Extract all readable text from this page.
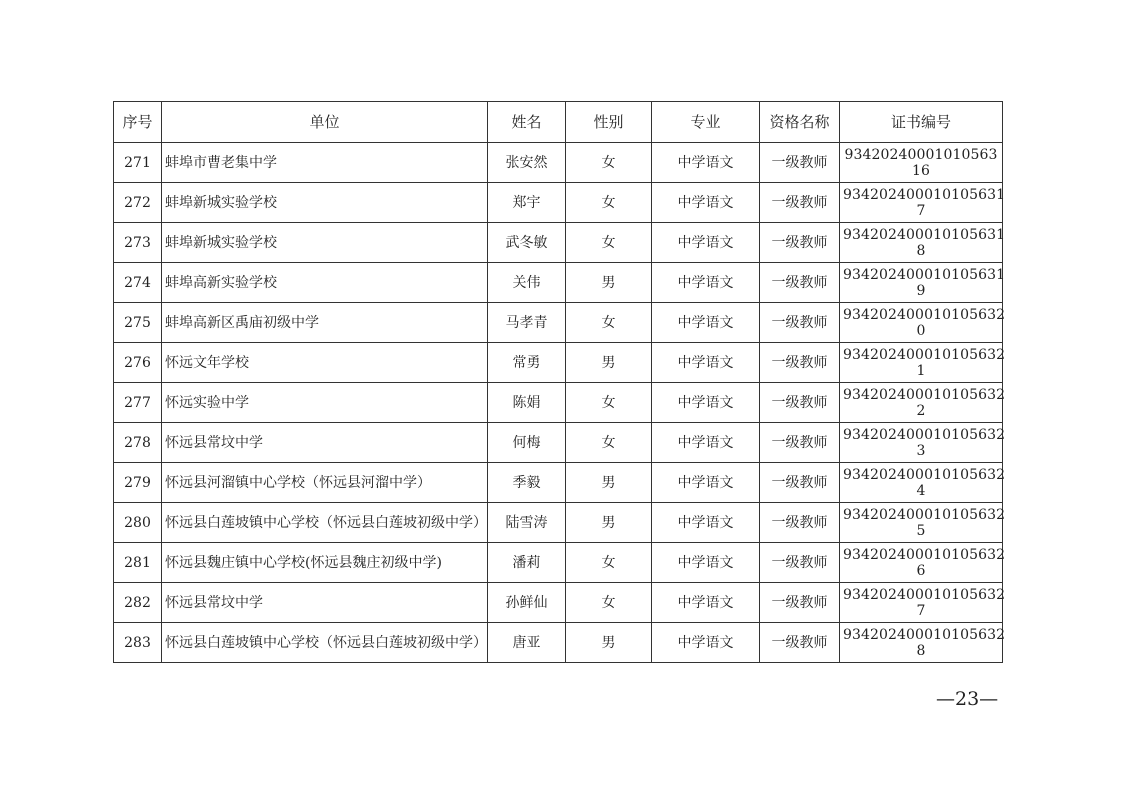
序号	单位	姓名	性别	专业	资格名称	证书编号
271	蚌埠市曹老集中学	张安然	女	中学语文	一级教师	93420240001010563​16
272	蚌埠新城实验学校	郑宇	女	中学语文	一级教师	934202400010105631​7
273	蚌埠新城实验学校	武冬敏	女	中学语文	一级教师	934202400010105631​8
274	蚌埠高新实验学校	关伟	男	中学语文	一级教师	934202400010105631​9
275	蚌埠高新区禹庙初级中学	马孝青	女	中学语文	一级教师	934202400010105632​0
276	怀远文年学校	常勇	男	中学语文	一级教师	934202400010105632​1
277	怀远实验中学	陈娟	女	中学语文	一级教师	934202400010105632​2
278	怀远县常坟中学	何梅	女	中学语文	一级教师	934202400010105632​3
279	怀远县河溜镇中心学校（怀远县河溜中学）	季毅	男	中学语文	一级教师	934202400010105632​4
280	怀远县白莲坡镇中心学校（怀远县白莲坡初级中学）	陆雪涛	男	中学语文	一级教师	934202400010105632​5
281	怀远县魏庄镇中心学校(怀远县魏庄初级中学)	潘莉	女	中学语文	一级教师	934202400010105632​6
282	怀远县常坟中学	孙鲜仙	女	中学语文	一级教师	934202400010105632​7
283	怀远县白莲坡镇中心学校（怀远县白莲坡初级中学）	唐亚	男	中学语文	一级教师	934202400010105632​8
—23—
